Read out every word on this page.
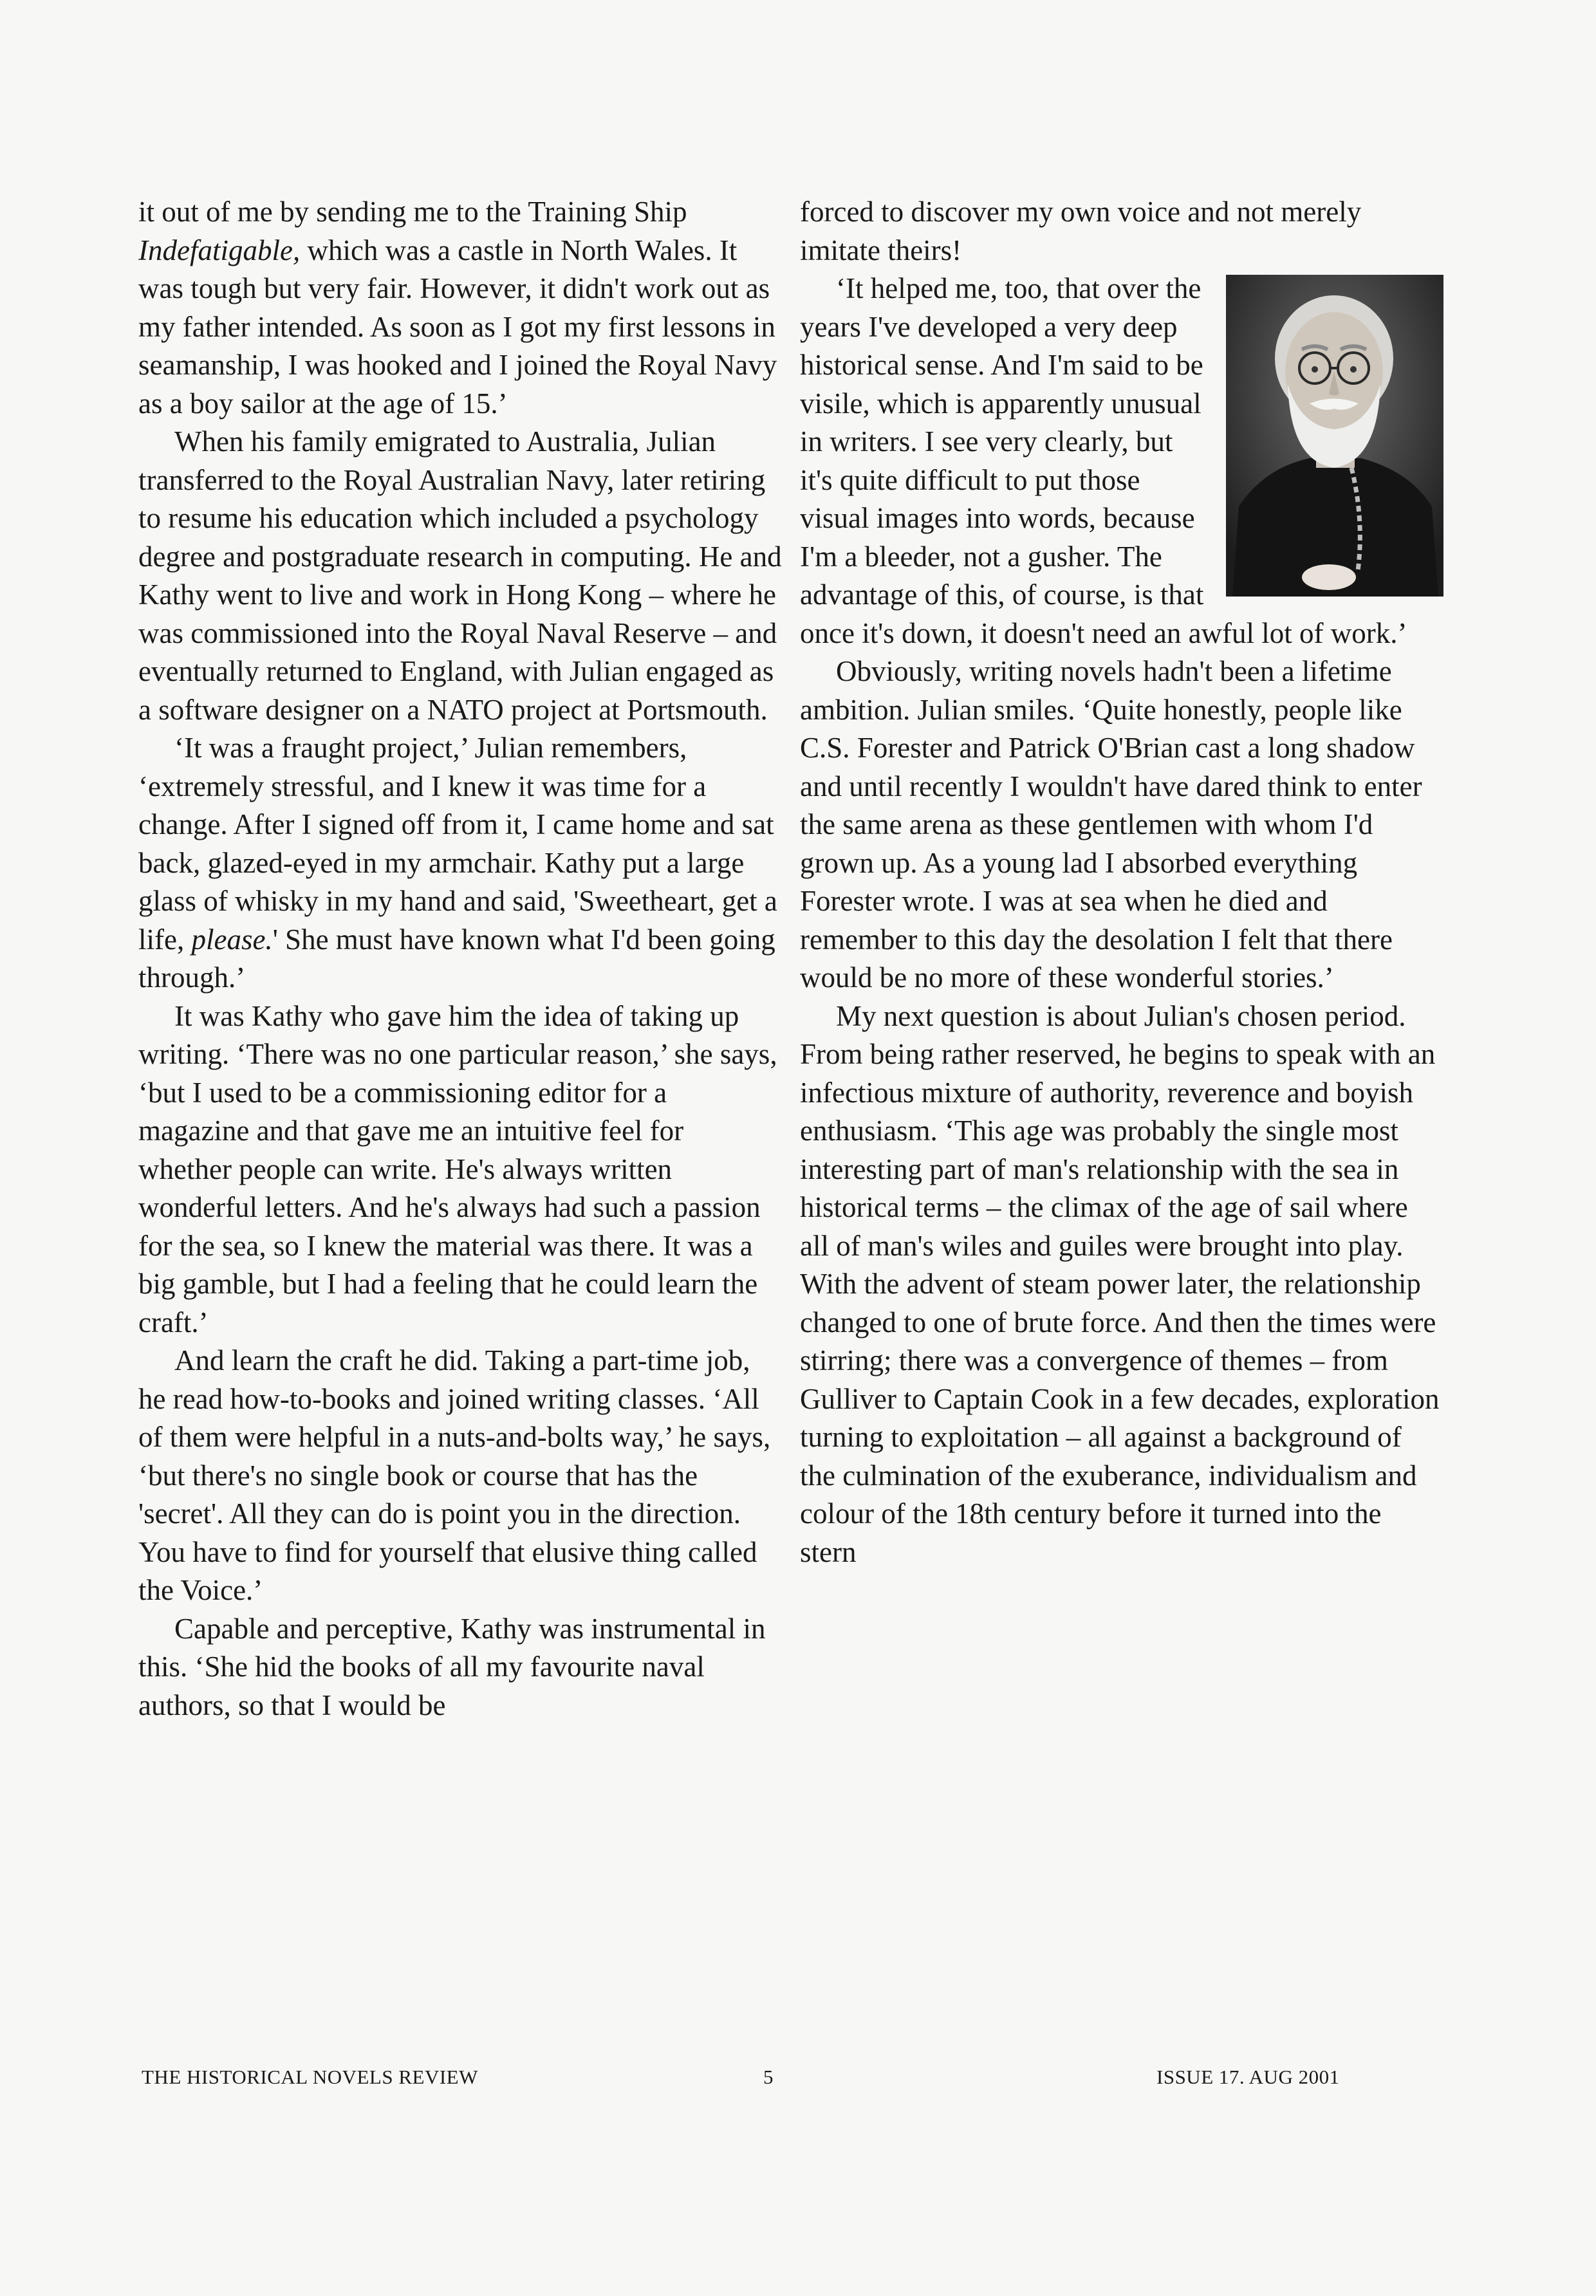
it out of me by sending me to the Training Ship Indefatigable, which was a castle in North Wales. It was tough but very fair. However, it didn't work out as my father intended. As soon as I got my first lessons in seamanship, I was hooked and I joined the Royal Navy as a boy sailor at the age of 15.’

When his family emigrated to Australia, Julian transferred to the Royal Australian Navy, later retiring to resume his education which included a psychology degree and postgraduate research in computing. He and Kathy went to live and work in Hong Kong – where he was commissioned into the Royal Naval Reserve – and eventually returned to England, with Julian engaged as a software designer on a NATO project at Portsmouth.

‘It was a fraught project,’ Julian remembers, ‘extremely stressful, and I knew it was time for a change. After I signed off from it, I came home and sat back, glazed-eyed in my armchair. Kathy put a large glass of whisky in my hand and said, 'Sweetheart, get a life, please.' She must have known what I'd been going through.’

It was Kathy who gave him the idea of taking up writing. ‘There was no one particular reason,’ she says, ‘but I used to be a commissioning editor for a magazine and that gave me an intuitive feel for whether people can write. He's always written wonderful letters. And he's always had such a passion for the sea, so I knew the material was there. It was a big gamble, but I had a feeling that he could learn the craft.’

And learn the craft he did. Taking a part-time job, he read how-to-books and joined writing classes. ‘All of them were helpful in a nuts-and-bolts way,’ he says, ‘but there's no single book or course that has the 'secret'. All they can do is point you in the direction. You have to find for yourself that elusive thing called the Voice.’

Capable and perceptive, Kathy was instrumental in this. ‘She hid the books of all my favourite naval authors, so that I would be

forced to discover my own voice and not merely imitate theirs!

‘It helped me, too, that over the years I've developed a very deep historical sense. And I'm said to be visile, which is apparently unusual in writers. I see very clearly, but it's quite difficult to put those visual images into words, because I'm a bleeder, not a gusher. The advantage of this, of course, is that once it's down, it doesn't need an awful lot of work.’

Obviously, writing novels hadn't been a lifetime ambition. Julian smiles. ‘Quite honestly, people like C.S. Forester and Patrick O'Brian cast a long shadow and until recently I wouldn't have dared think to enter the same arena as these gentlemen with whom I'd grown up. As a young lad I absorbed everything Forester wrote. I was at sea when he died and remember to this day the desolation I felt that there would be no more of these wonderful stories.’

My next question is about Julian's chosen period. From being rather reserved, he begins to speak with an infectious mixture of authority, reverence and boyish enthusiasm. ‘This age was probably the single most interesting part of man's relationship with the sea in historical terms – the climax of the age of sail where all of man's wiles and guiles were brought into play. With the advent of steam power later, the relationship changed to one of brute force. And then the times were stirring; there was a convergence of themes – from Gulliver to Captain Cook in a few decades, exploration turning to exploitation – all against a background of the culmination of the exuberance, individualism and colour of the 18th century before it turned into the stern

THE HISTORICAL NOVELS REVIEW	5	ISSUE 17. AUG 2001
